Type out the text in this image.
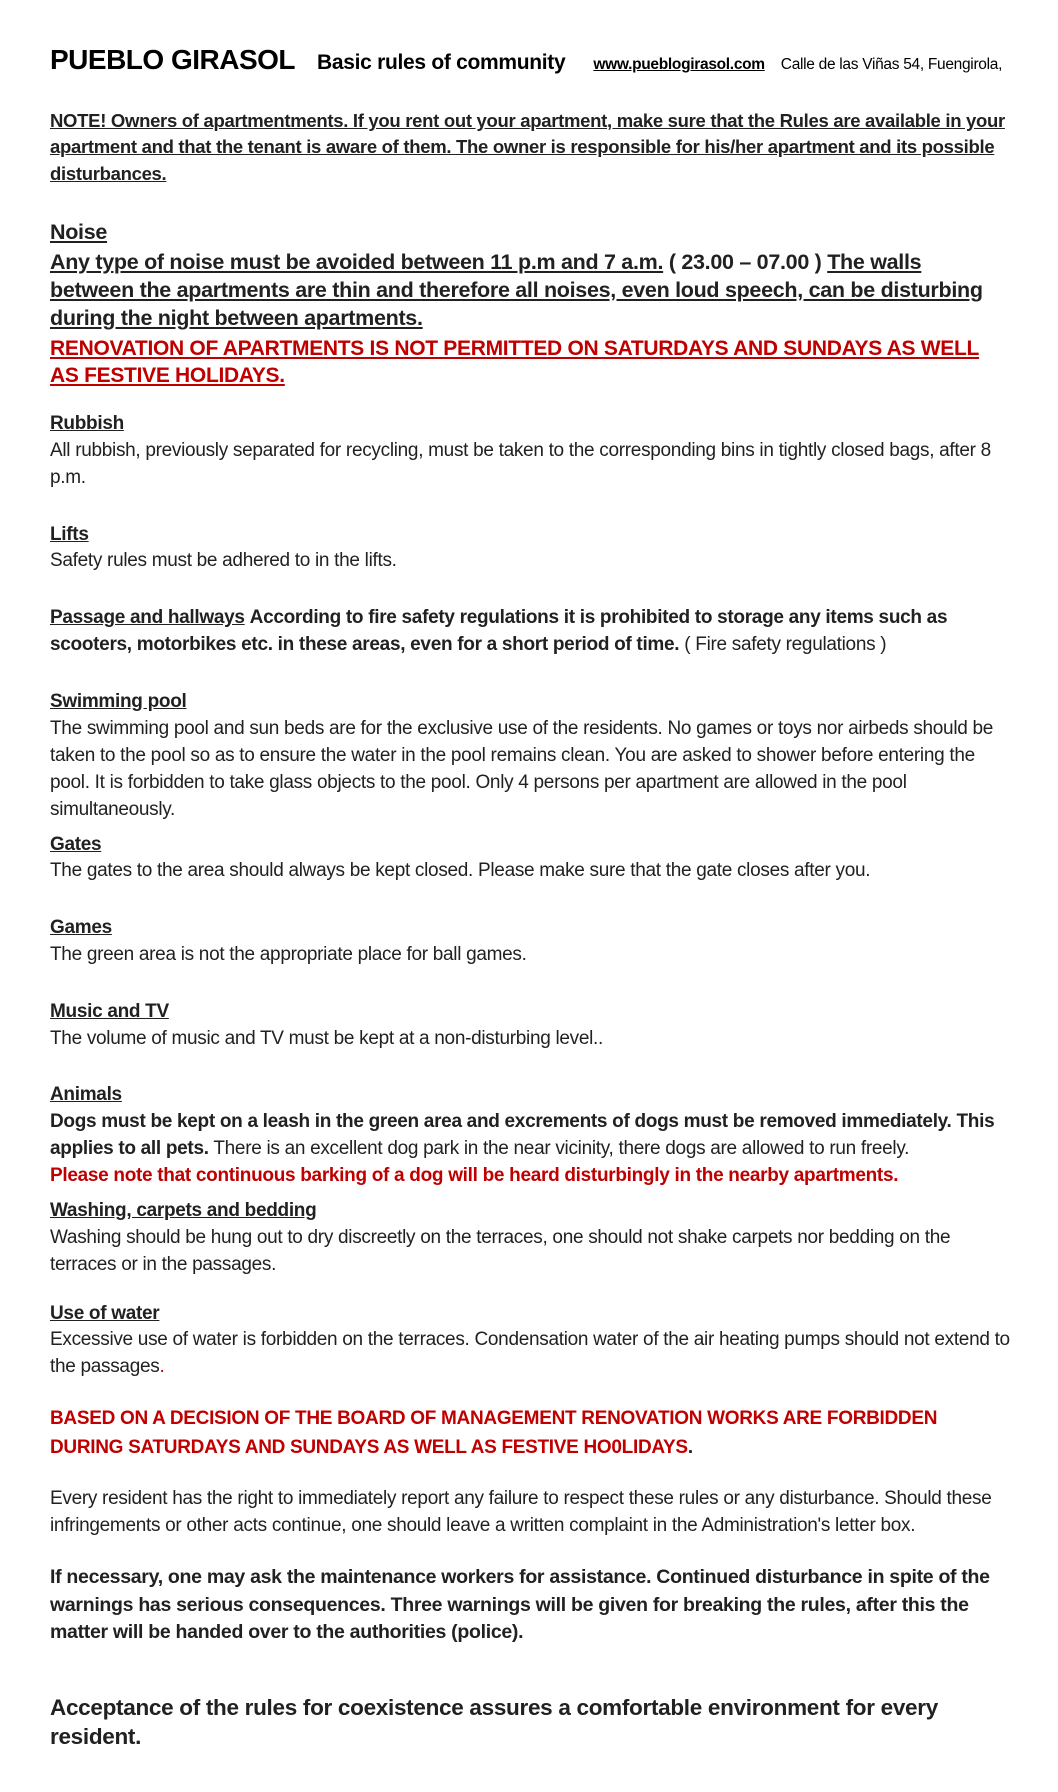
PUEBLO GIRASOL Basic rules of community www.pueblogirasol.com Calle de las Viñas 54, Fuengirola,

NOTE! Owners of apartmentments. If you rent out your apartment, make sure that the Rules are available in your apartment and that the tenant is aware of them. The owner is responsible for his/her apartment and its possible disturbances.

Noise

Any type of noise must be avoided between 11 p.m and 7 a.m. ( 23.00 – 07.00 ) The walls between the apartments are thin and therefore all noises, even loud speech, can be disturbing during the night between apartments.

RENOVATION OF APARTMENTS IS NOT PERMITTED ON SATURDAYS AND SUNDAYS AS WELL AS FESTIVE HOLIDAYS.

Rubbish

All rubbish, previously separated for recycling, must be taken to the corresponding bins in tightly closed bags, after 8 p.m.

Lifts

Safety rules must be adhered to in the lifts.

Passage and hallways According to fire safety regulations it is prohibited to storage any items such as scooters, motorbikes etc. in these areas, even for a short period of time. ( Fire safety regulations )

Swimming pool

The swimming pool and sun beds are for the exclusive use of the residents. No games or toys nor airbeds should be taken to the pool so as to ensure the water in the pool remains clean. You are asked to shower before entering the pool. It is forbidden to take glass objects to the pool. Only 4 persons per apartment are allowed in the pool simultaneously.

Gates

The gates to the area should always be kept closed. Please make sure that the gate closes after you.

Games

The green area is not the appropriate place for ball games.

Music and TV

The volume of music and TV must be kept at a non-disturbing level..

Animals

Dogs must be kept on a leash in the green area and excrements of dogs must be removed immediately. This applies to all pets. There is an excellent dog park in the near vicinity, there dogs are allowed to run freely.

Please note that continuous barking of a dog will be heard disturbingly in the nearby apartments.

Washing, carpets and bedding

Washing should be hung out to dry discreetly on the terraces, one should not shake carpets nor bedding on the terraces or in the passages.

Use of water

Excessive use of water is forbidden on the terraces. Condensation water of the air heating pumps should not extend to the passages.

BASED ON A DECISION OF THE BOARD OF MANAGEMENT RENOVATION WORKS ARE FORBIDDEN DURING SATURDAYS AND SUNDAYS AS WELL AS FESTIVE HO0LIDAYS.

Every resident has the right to immediately report any failure to respect these rules or any disturbance. Should these infringements or other acts continue, one should leave a written complaint in the Administration's letter box.

If necessary, one may ask the maintenance workers for assistance. Continued disturbance in spite of the warnings has serious consequences. Three warnings will be given for breaking the rules, after this the matter will be handed over to the authorities (police).

Acceptance of the rules for coexistence assures a comfortable environment for every resident.
